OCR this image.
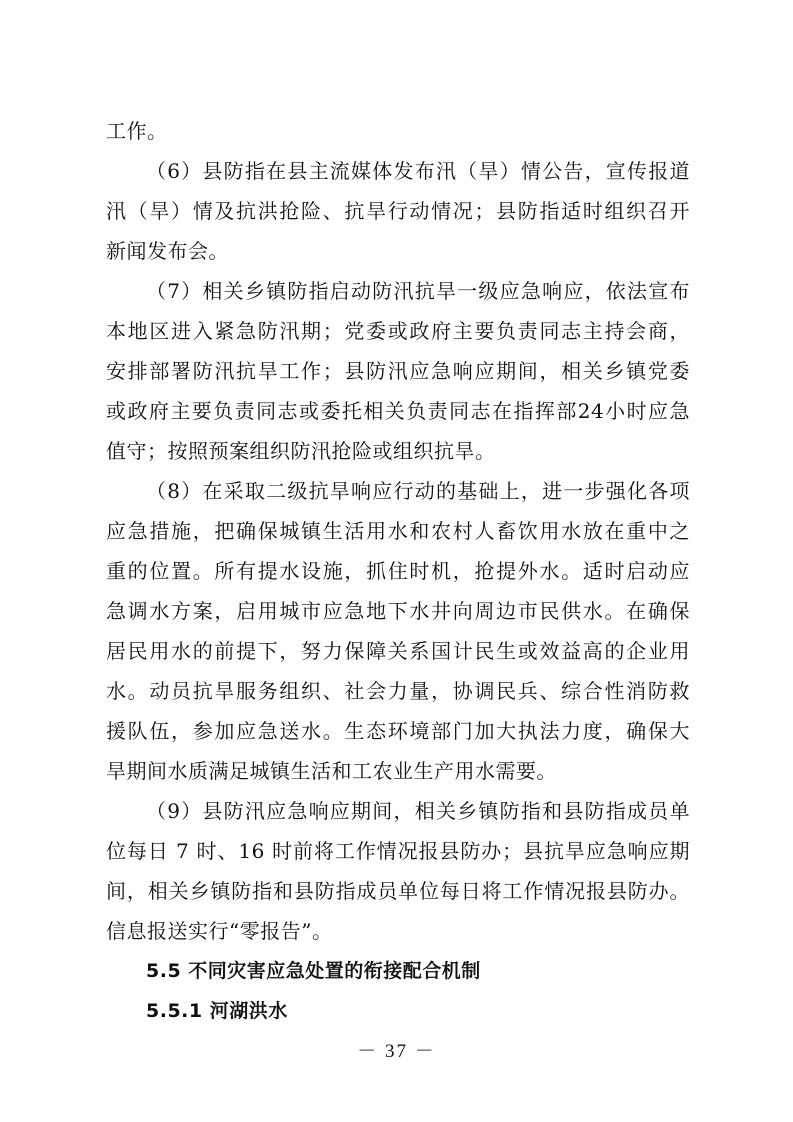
工作。
（6）县防指在县主流媒体发布汛（旱）情公告，宣传报道
汛（旱）情及抗洪抢险、抗旱行动情况；县防指适时组织召开
新闻发布会。
（7）相关乡镇防指启动防汛抗旱一级应急响应，依法宣布
本地区进入紧急防汛期；党委或政府主要负责同志主持会商，
安排部署防汛抗旱工作；县防汛应急响应期间，相关乡镇党委
或政府主要负责同志或委托相关负责同志在指挥部24小时应急
值守；按照预案组织防汛抢险或组织抗旱。
（8）在采取二级抗旱响应行动的基础上，进一步强化各项
应急措施，把确保城镇生活用水和农村人畜饮用水放在重中之
重的位置。所有提水设施，抓住时机，抢提外水。适时启动应
急调水方案，启用城市应急地下水井向周边市民供水。在确保
居民用水的前提下，努力保障关系国计民生或效益高的企业用
水。动员抗旱服务组织、社会力量，协调民兵、综合性消防救
援队伍，参加应急送水。生态环境部门加大执法力度，确保大
旱期间水质满足城镇生活和工农业生产用水需要。
（9）县防汛应急响应期间，相关乡镇防指和县防指成员单
位每日 7 时、16 时前将工作情况报县防办；县抗旱应急响应期
间，相关乡镇防指和县防指成员单位每日将工作情况报县防办。
信息报送实行“零报告”。
5.5 不同灾害应急处置的衔接配合机制
5.5.1 河湖洪水
－ 37 －
